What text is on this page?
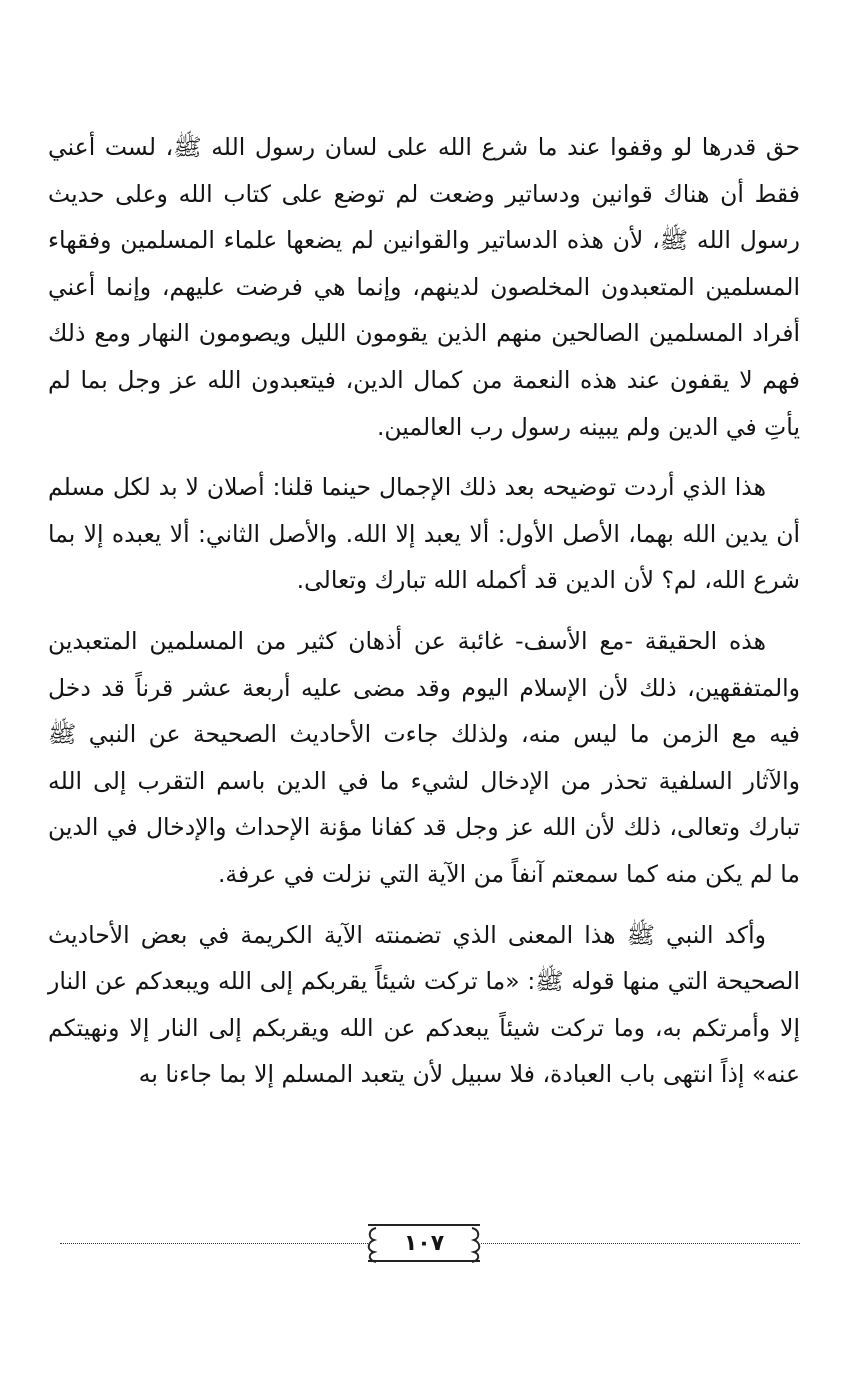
حق قدرها لو وقفوا عند ما شرع الله على لسان رسول الله ﷺ، لست أعني فقط أن هناك قوانين ودساتير وضعت لم توضع على كتاب الله وعلى حديث رسول الله ﷺ، لأن هذه الدساتير والقوانين لم يضعها علماء المسلمين وفقهاء المسلمين المتعبدون المخلصون لدينهم، وإنما هي فرضت عليهم، وإنما أعني أفراد المسلمين الصالحين منهم الذين يقومون الليل ويصومون النهار ومع ذلك فهم لا يقفون عند هذه النعمة من كمال الدين، فيتعبدون الله عز وجل بما لم يأتِ في الدين ولم يبينه رسول رب العالمين.

هذا الذي أردت توضيحه بعد ذلك الإجمال حينما قلنا: أصلان لا بد لكل مسلم أن يدين الله بهما، الأصل الأول: ألا يعبد إلا الله. والأصل الثاني: ألا يعبده إلا بما شرع الله، لم؟ لأن الدين قد أكمله الله تبارك وتعالى.

هذه الحقيقة -مع الأسف- غائبة عن أذهان كثير من المسلمين المتعبدين والمتفقهين، ذلك لأن الإسلام اليوم وقد مضى عليه أربعة عشر قرناً قد دخل فيه مع الزمن ما ليس منه، ولذلك جاءت الأحاديث الصحيحة عن النبي ﷺ والآثار السلفية تحذر من الإدخال لشيء ما في الدين باسم التقرب إلى الله تبارك وتعالى، ذلك لأن الله عز وجل قد كفانا مؤنة الإحداث والإدخال في الدين ما لم يكن منه كما سمعتم آنفاً من الآية التي نزلت في عرفة.

وأكد النبي ﷺ هذا المعنى الذي تضمنته الآية الكريمة في بعض الأحاديث الصحيحة التي منها قوله ﷺ: «ما تركت شيئاً يقربكم إلى الله ويبعدكم عن النار إلا وأمرتكم به، وما تركت شيئاً يبعدكم عن الله ويقربكم إلى النار إلا ونهيتكم عنه» إذاً انتهى باب العبادة، فلا سبيل لأن يتعبد المسلم إلا بما جاءنا به

١٠٧
